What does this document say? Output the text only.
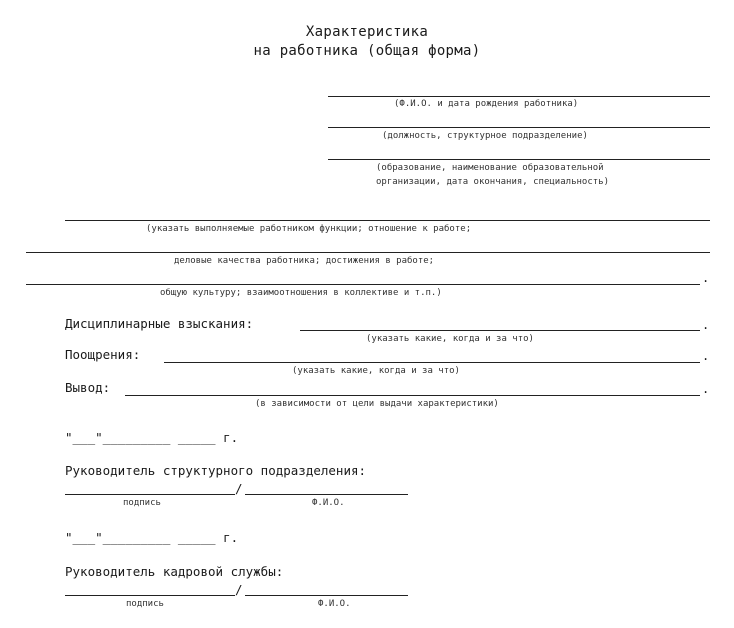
Характеристика
на работника (общая форма)
(Ф.И.О. и дата рождения работника)
(должность, структурное подразделение)
(образование, наименование образовательной
организации, дата окончания, специальность)
(указать выполняемые работником функции; отношение к работе;
деловые качества работника; достижения в работе;
.
общую культуру; взаимоотношения в коллективе и т.п.)
Дисциплинарные взыскания:	.
(указать какие, когда и за что)
Поощрения:	.
(указать какие, когда и за что)
Вывод:	.
(в зависимости от цели выдачи характеристики)
"___"_________ _____ г.
Руководитель структурного подразделения:
/
подпись	Ф.И.О.
"___"_________ _____ г.
Руководитель кадровой службы:
/
подпись	Ф.И.О.
